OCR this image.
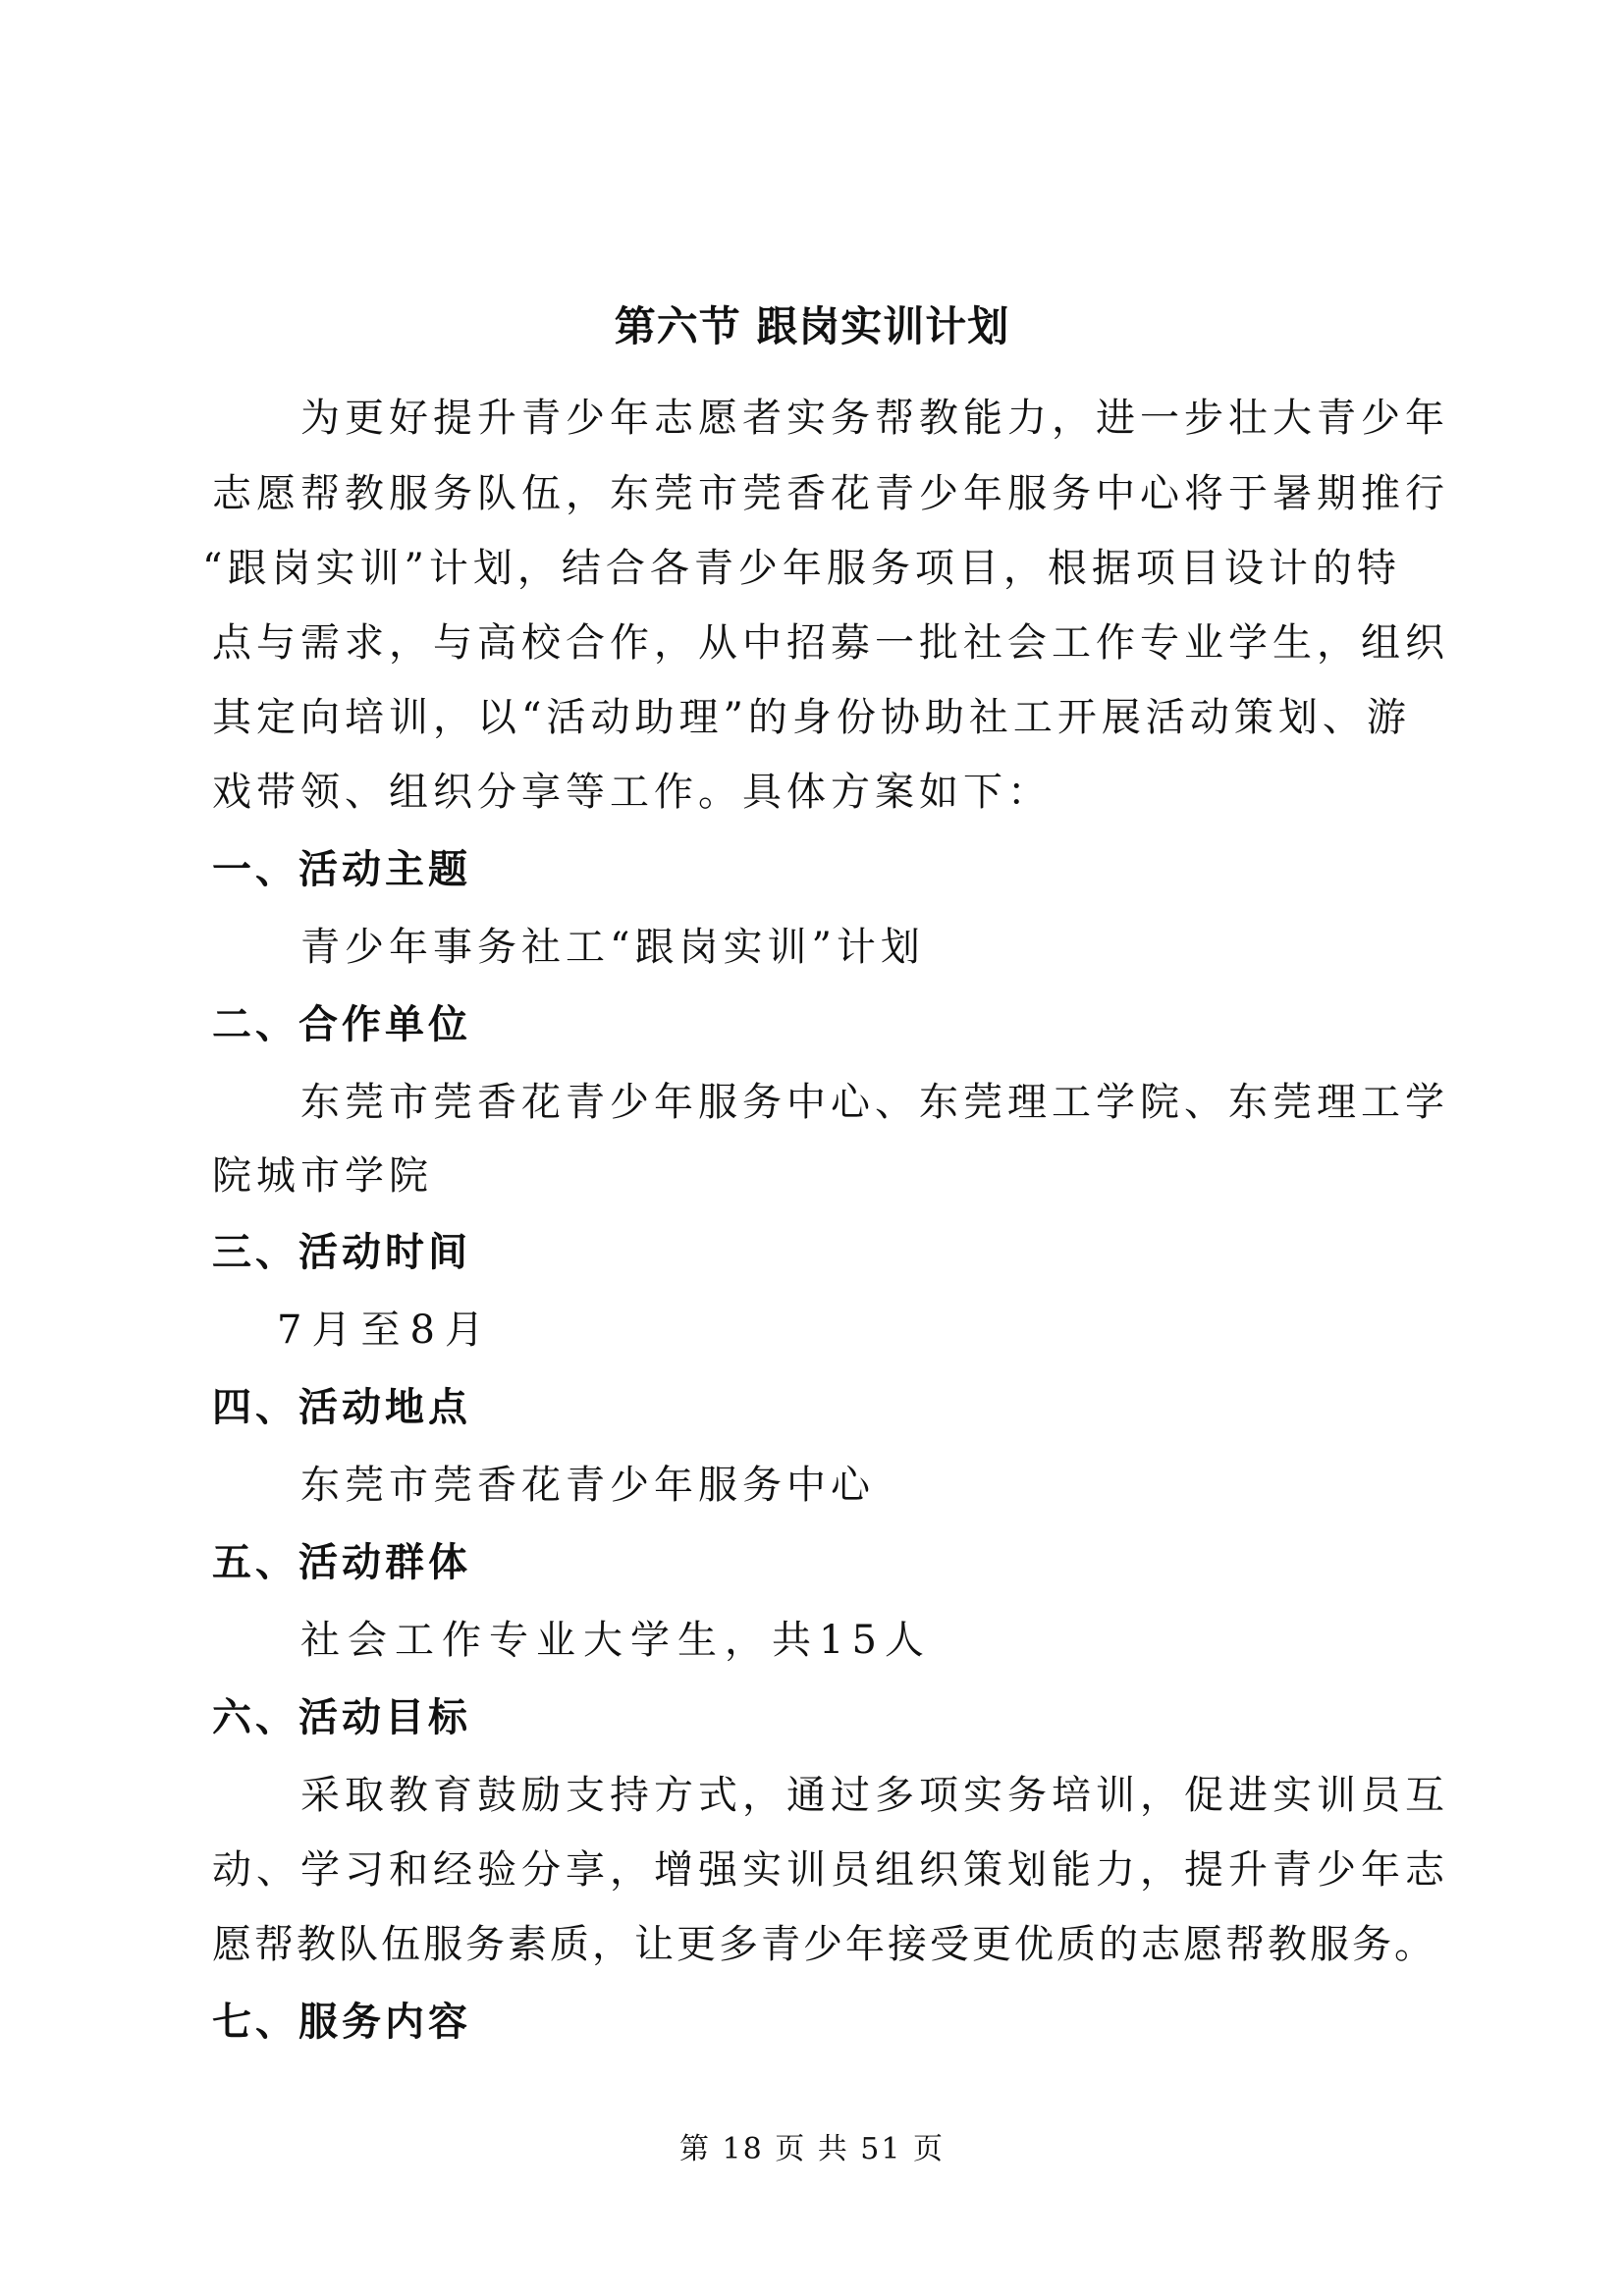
第六节 跟岗实训计划
为更好提升青少年志愿者实务帮教能力，进一步壮大青少年
志愿帮教服务队伍，东莞市莞香花青少年服务中心将于暑期推行
“跟岗实训”计划，结合各青少年服务项目，根据项目设计的特
点与需求，与高校合作，从中招募一批社会工作专业学生，组织
其定向培训，以“活动助理”的身份协助社工开展活动策划、游
戏带领、组织分享等工作。具体方案如下：
一、活动主题
青少年事务社工“跟岗实训”计划
二、合作单位
东莞市莞香花青少年服务中心、东莞理工学院、东莞理工学
院城市学院
三、活动时间
7月至8月
四、活动地点
东莞市莞香花青少年服务中心
五、活动群体
社会工作专业大学生，共15人
六、活动目标
采取教育鼓励支持方式，通过多项实务培训，促进实训员互
动、学习和经验分享，增强实训员组织策划能力，提升青少年志
愿帮教队伍服务素质，让更多青少年接受更优质的志愿帮教服务。
七、服务内容
第 18 页 共 51 页
